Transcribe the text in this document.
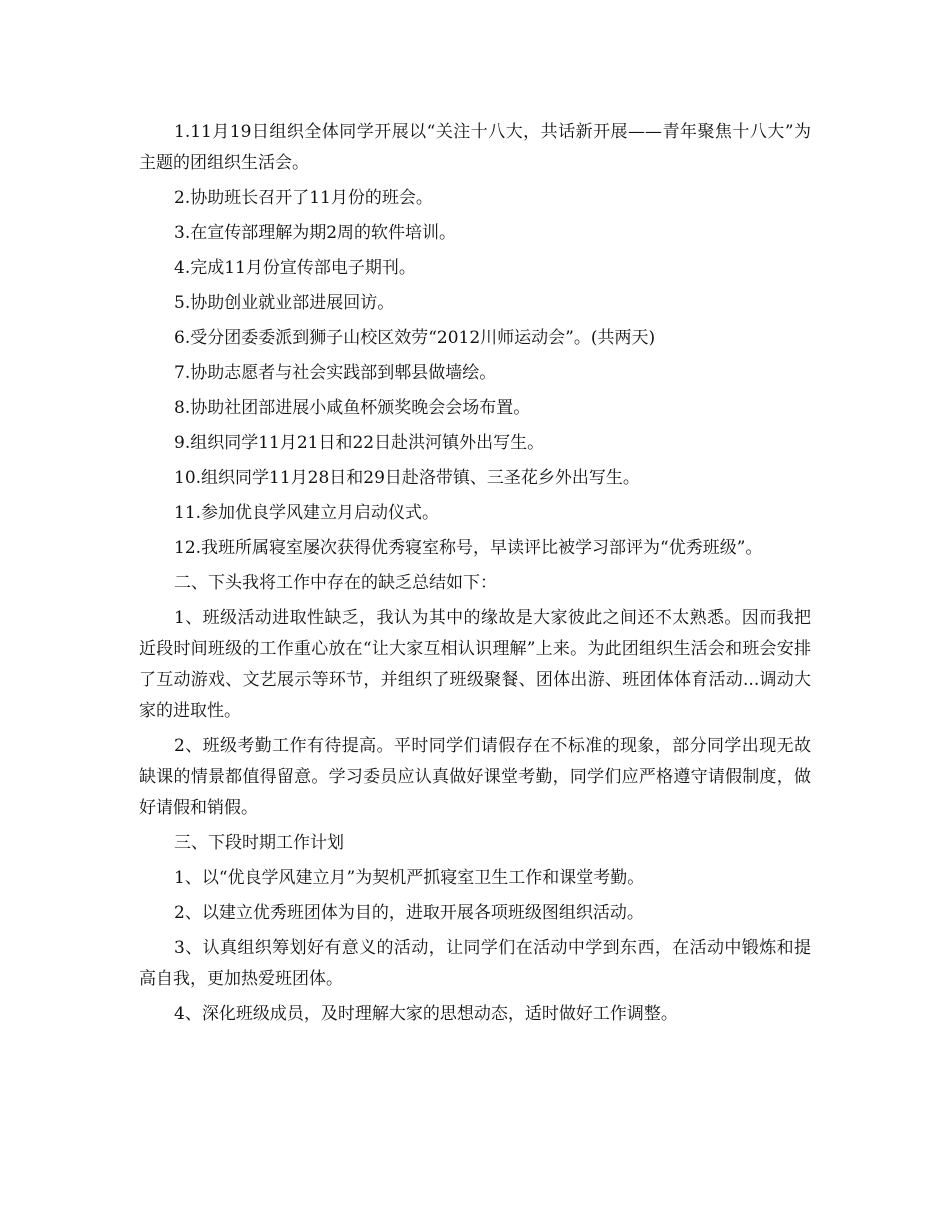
1.11月19日组织全体同学开展以“关注十八大，共话新开展——青年聚焦十八大”为主题的团组织生活会。

2.协助班长召开了11月份的班会。

3.在宣传部理解为期2周的软件培训。

4.完成11月份宣传部电子期刊。

5.协助创业就业部进展回访。

6.受分团委委派到狮子山校区效劳“2012川师运动会”。(共两天)

7.协助志愿者与社会实践部到郫县做墙绘。

8.协助社团部进展小咸鱼杯颁奖晚会会场布置。

9.组织同学11月21日和22日赴洪河镇外出写生。

10.组织同学11月28日和29日赴洛带镇、三圣花乡外出写生。

11.参加优良学风建立月启动仪式。

12.我班所属寝室屡次获得优秀寝室称号，早读评比被学习部评为“优秀班级”。

二、下头我将工作中存在的缺乏总结如下：

1、班级活动进取性缺乏，我认为其中的缘故是大家彼此之间还不太熟悉。因而我把近段时间班级的工作重心放在“让大家互相认识理解”上来。为此团组织生活会和班会安排了互动游戏、文艺展示等环节，并组织了班级聚餐、团体出游、班团体体育活动...调动大家的进取性。

2、班级考勤工作有待提高。平时同学们请假存在不标准的现象，部分同学出现无故缺课的情景都值得留意。学习委员应认真做好课堂考勤，同学们应严格遵守请假制度，做好请假和销假。

三、下段时期工作计划

1、以“优良学风建立月”为契机严抓寝室卫生工作和课堂考勤。

2、以建立优秀班团体为目的，进取开展各项班级图组织活动。

3、认真组织筹划好有意义的活动，让同学们在活动中学到东西，在活动中锻炼和提高自我，更加热爱班团体。

4、深化班级成员，及时理解大家的思想动态，适时做好工作调整。
